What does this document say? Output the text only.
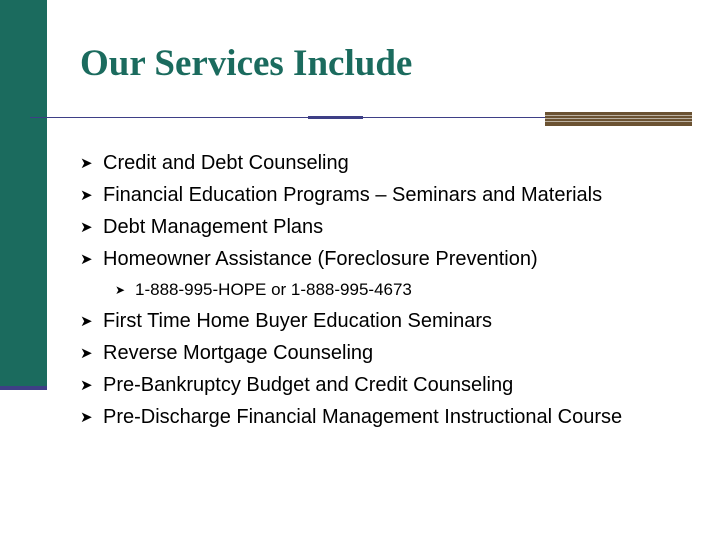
Our Services Include
➤ Credit and Debt Counseling
➤ Financial Education Programs – Seminars and Materials
➤ Debt Management Plans
➤ Homeowner Assistance (Foreclosure Prevention)
➤ 1-888-995-HOPE or 1-888-995-4673
➤ First Time Home Buyer Education Seminars
➤ Reverse Mortgage Counseling
➤ Pre-Bankruptcy Budget and Credit Counseling
➤ Pre-Discharge Financial Management Instructional Course
